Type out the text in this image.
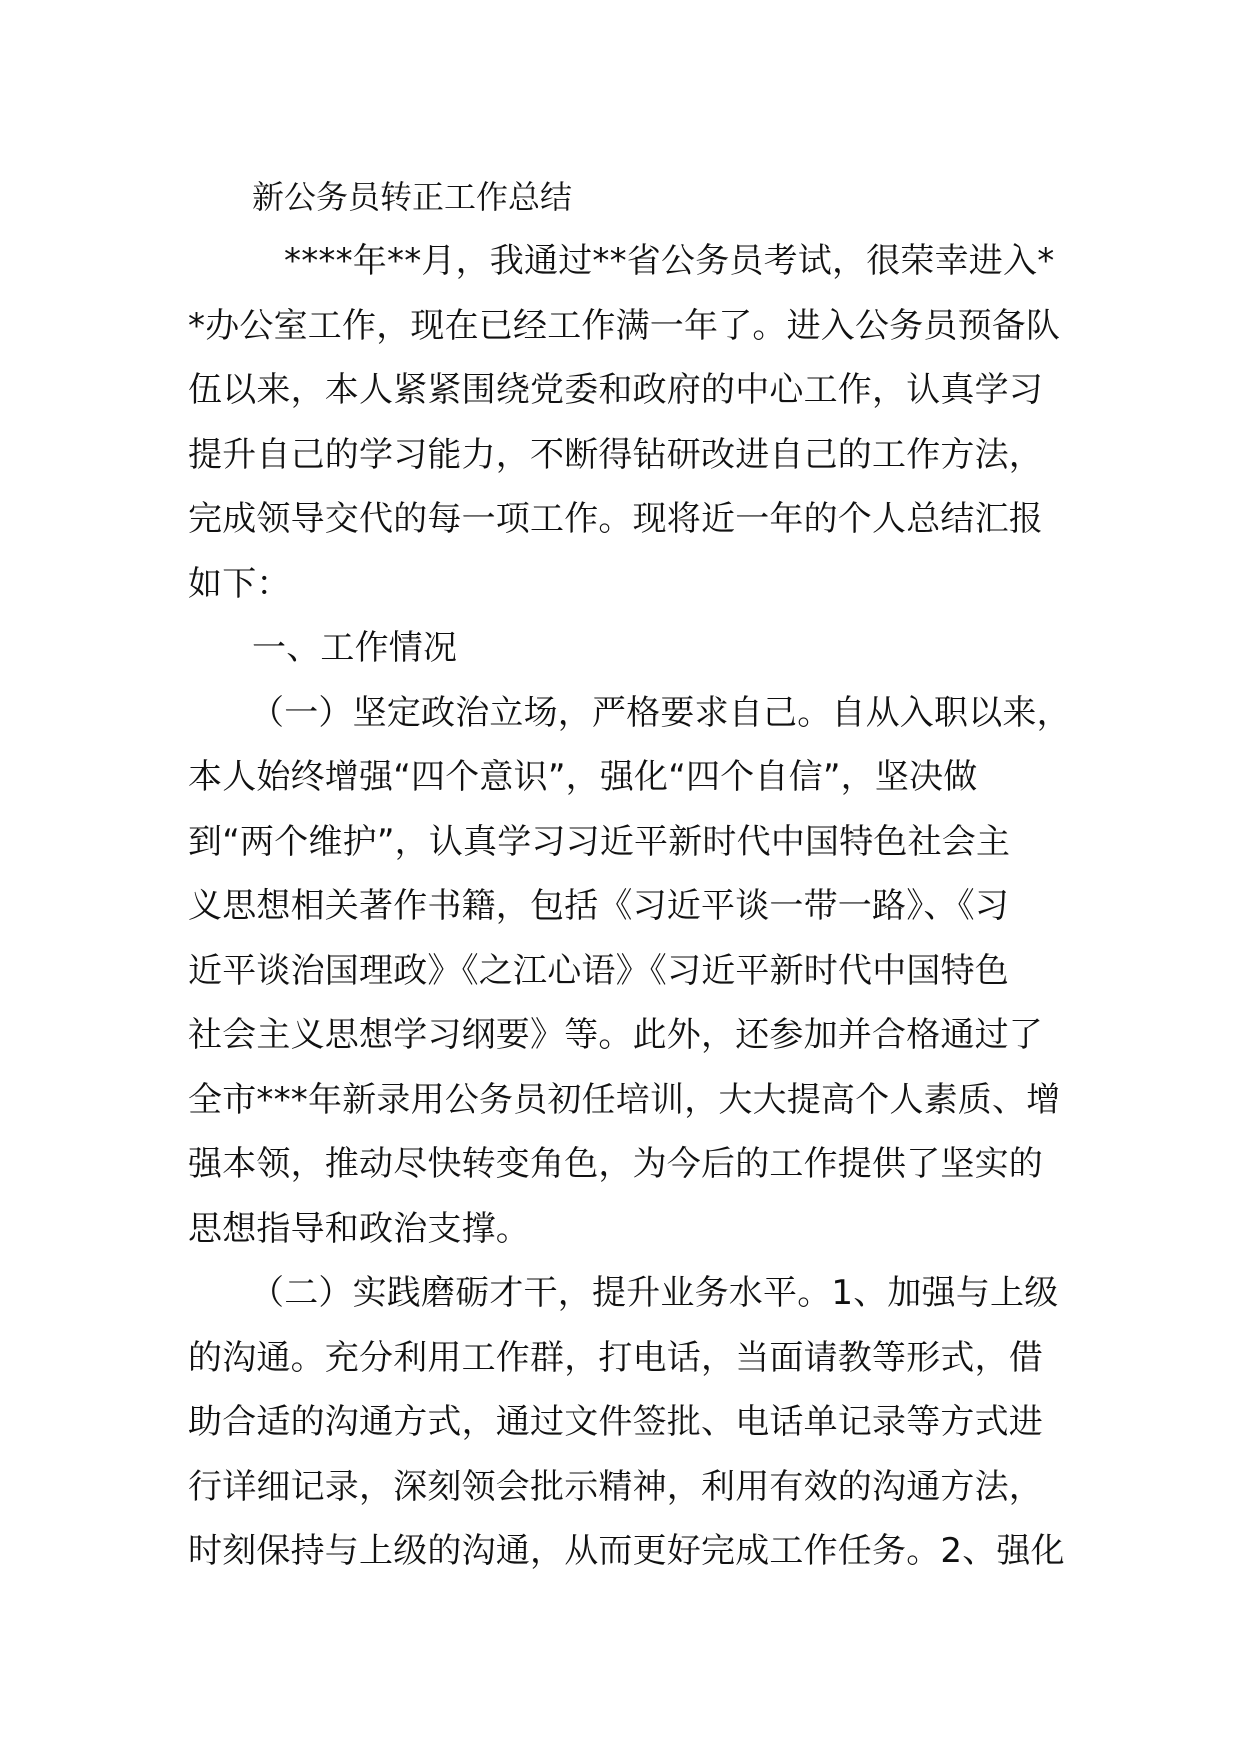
新公务员转正工作总结
****年**月，我通过**省公务员考试，很荣幸进入*
*办公室工作，现在已经工作满一年了。进入公务员预备队
伍以来，本人紧紧围绕党委和政府的中心工作，认真学习
提升自己的学习能力，不断得钻研改进自己的工作方法，
完成领导交代的每一项工作。现将近一年的个人总结汇报
如下：
一、工作情况
（一）坚定政治立场，严格要求自己。自从入职以来，
本人始终增强“四个意识”，强化“四个自信”，坚决做
到“两个维护”，认真学习习近平新时代中国特色社会主
义思想相关著作书籍，包括《习近平谈一带一路》、《习
近平谈治国理政》《之江心语》《习近平新时代中国特色
社会主义思想学习纲要》等。此外，还参加并合格通过了
全市***年新录用公务员初任培训，大大提高个人素质、增
强本领，推动尽快转变角色，为今后的工作提供了坚实的
思想指导和政治支撑。
（二）实践磨砺才干，提升业务水平。1、加强与上级
的沟通。充分利用工作群，打电话，当面请教等形式，借
助合适的沟通方式，通过文件签批、电话单记录等方式进
行详细记录，深刻领会批示精神，利用有效的沟通方法，
时刻保持与上级的沟通，从而更好完成工作任务。2、强化
